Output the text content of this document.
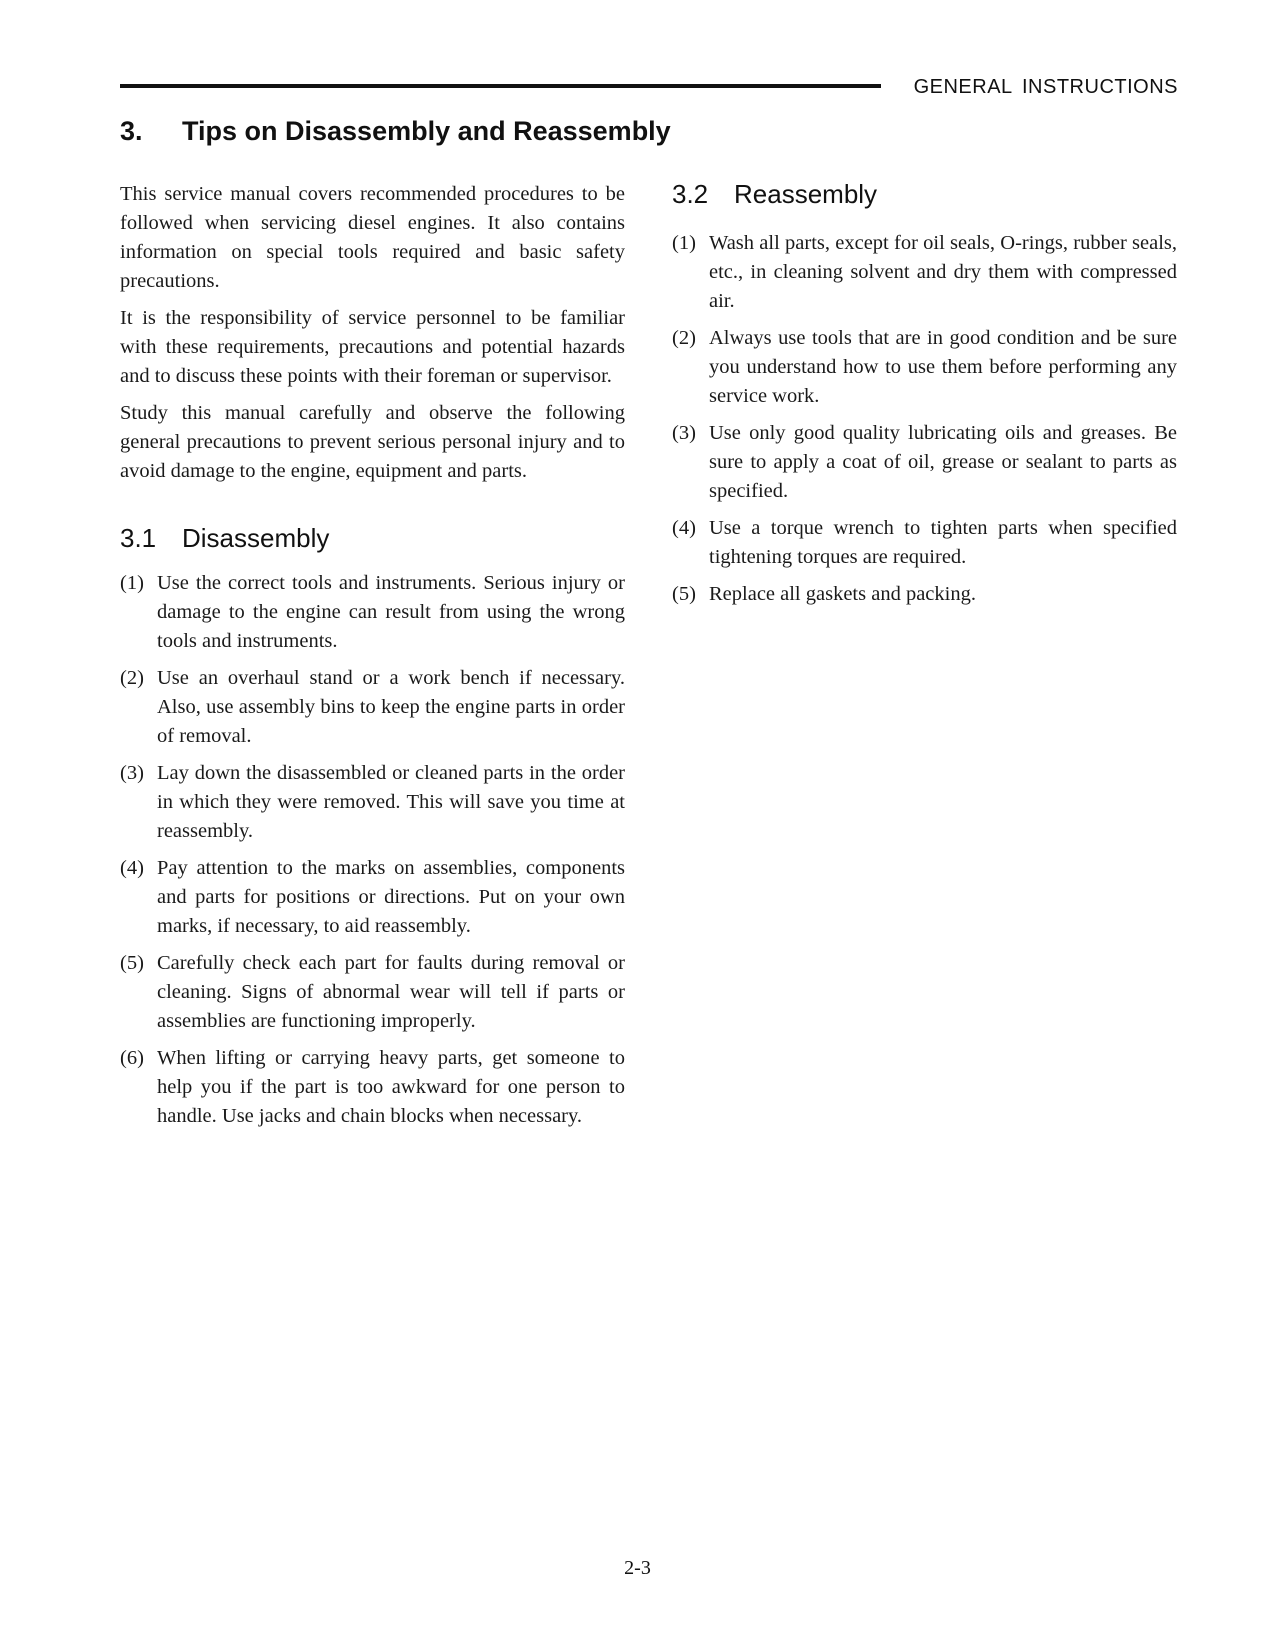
GENERAL INSTRUCTIONS
3. Tips on Disassembly and Reassembly

This service manual covers recommended procedures to be followed when servicing diesel engines. It also contains information on special tools required and basic safety precautions.

It is the responsibility of service personnel to be familiar with these requirements, precautions and potential hazards and to discuss these points with their foreman or supervisor.

Study this manual carefully and observe the following general precautions to prevent serious personal injury and to avoid damage to the engine, equipment and parts.

3.1 Disassembly
(1) Use the correct tools and instruments. Serious injury or damage to the engine can result from using the wrong tools and instruments.
(2) Use an overhaul stand or a work bench if necessary. Also, use assembly bins to keep the engine parts in order of removal.
(3) Lay down the disassembled or cleaned parts in the order in which they were removed. This will save you time at reassembly.
(4) Pay attention to the marks on assemblies, components and parts for positions or directions. Put on your own marks, if necessary, to aid reassembly.
(5) Carefully check each part for faults during removal or cleaning. Signs of abnormal wear will tell if parts or assemblies are functioning improperly.
(6) When lifting or carrying heavy parts, get someone to help you if the part is too awkward for one person to handle. Use jacks and chain blocks when necessary.
3.2 Reassembly
(1) Wash all parts, except for oil seals, O-rings, rubber seals, etc., in cleaning solvent and dry them with compressed air.
(2) Always use tools that are in good condition and be sure you understand how to use them before performing any service work.
(3) Use only good quality lubricating oils and greases. Be sure to apply a coat of oil, grease or sealant to parts as specified.
(4) Use a torque wrench to tighten parts when specified tightening torques are required.
(5) Replace all gaskets and packing.
2-3
